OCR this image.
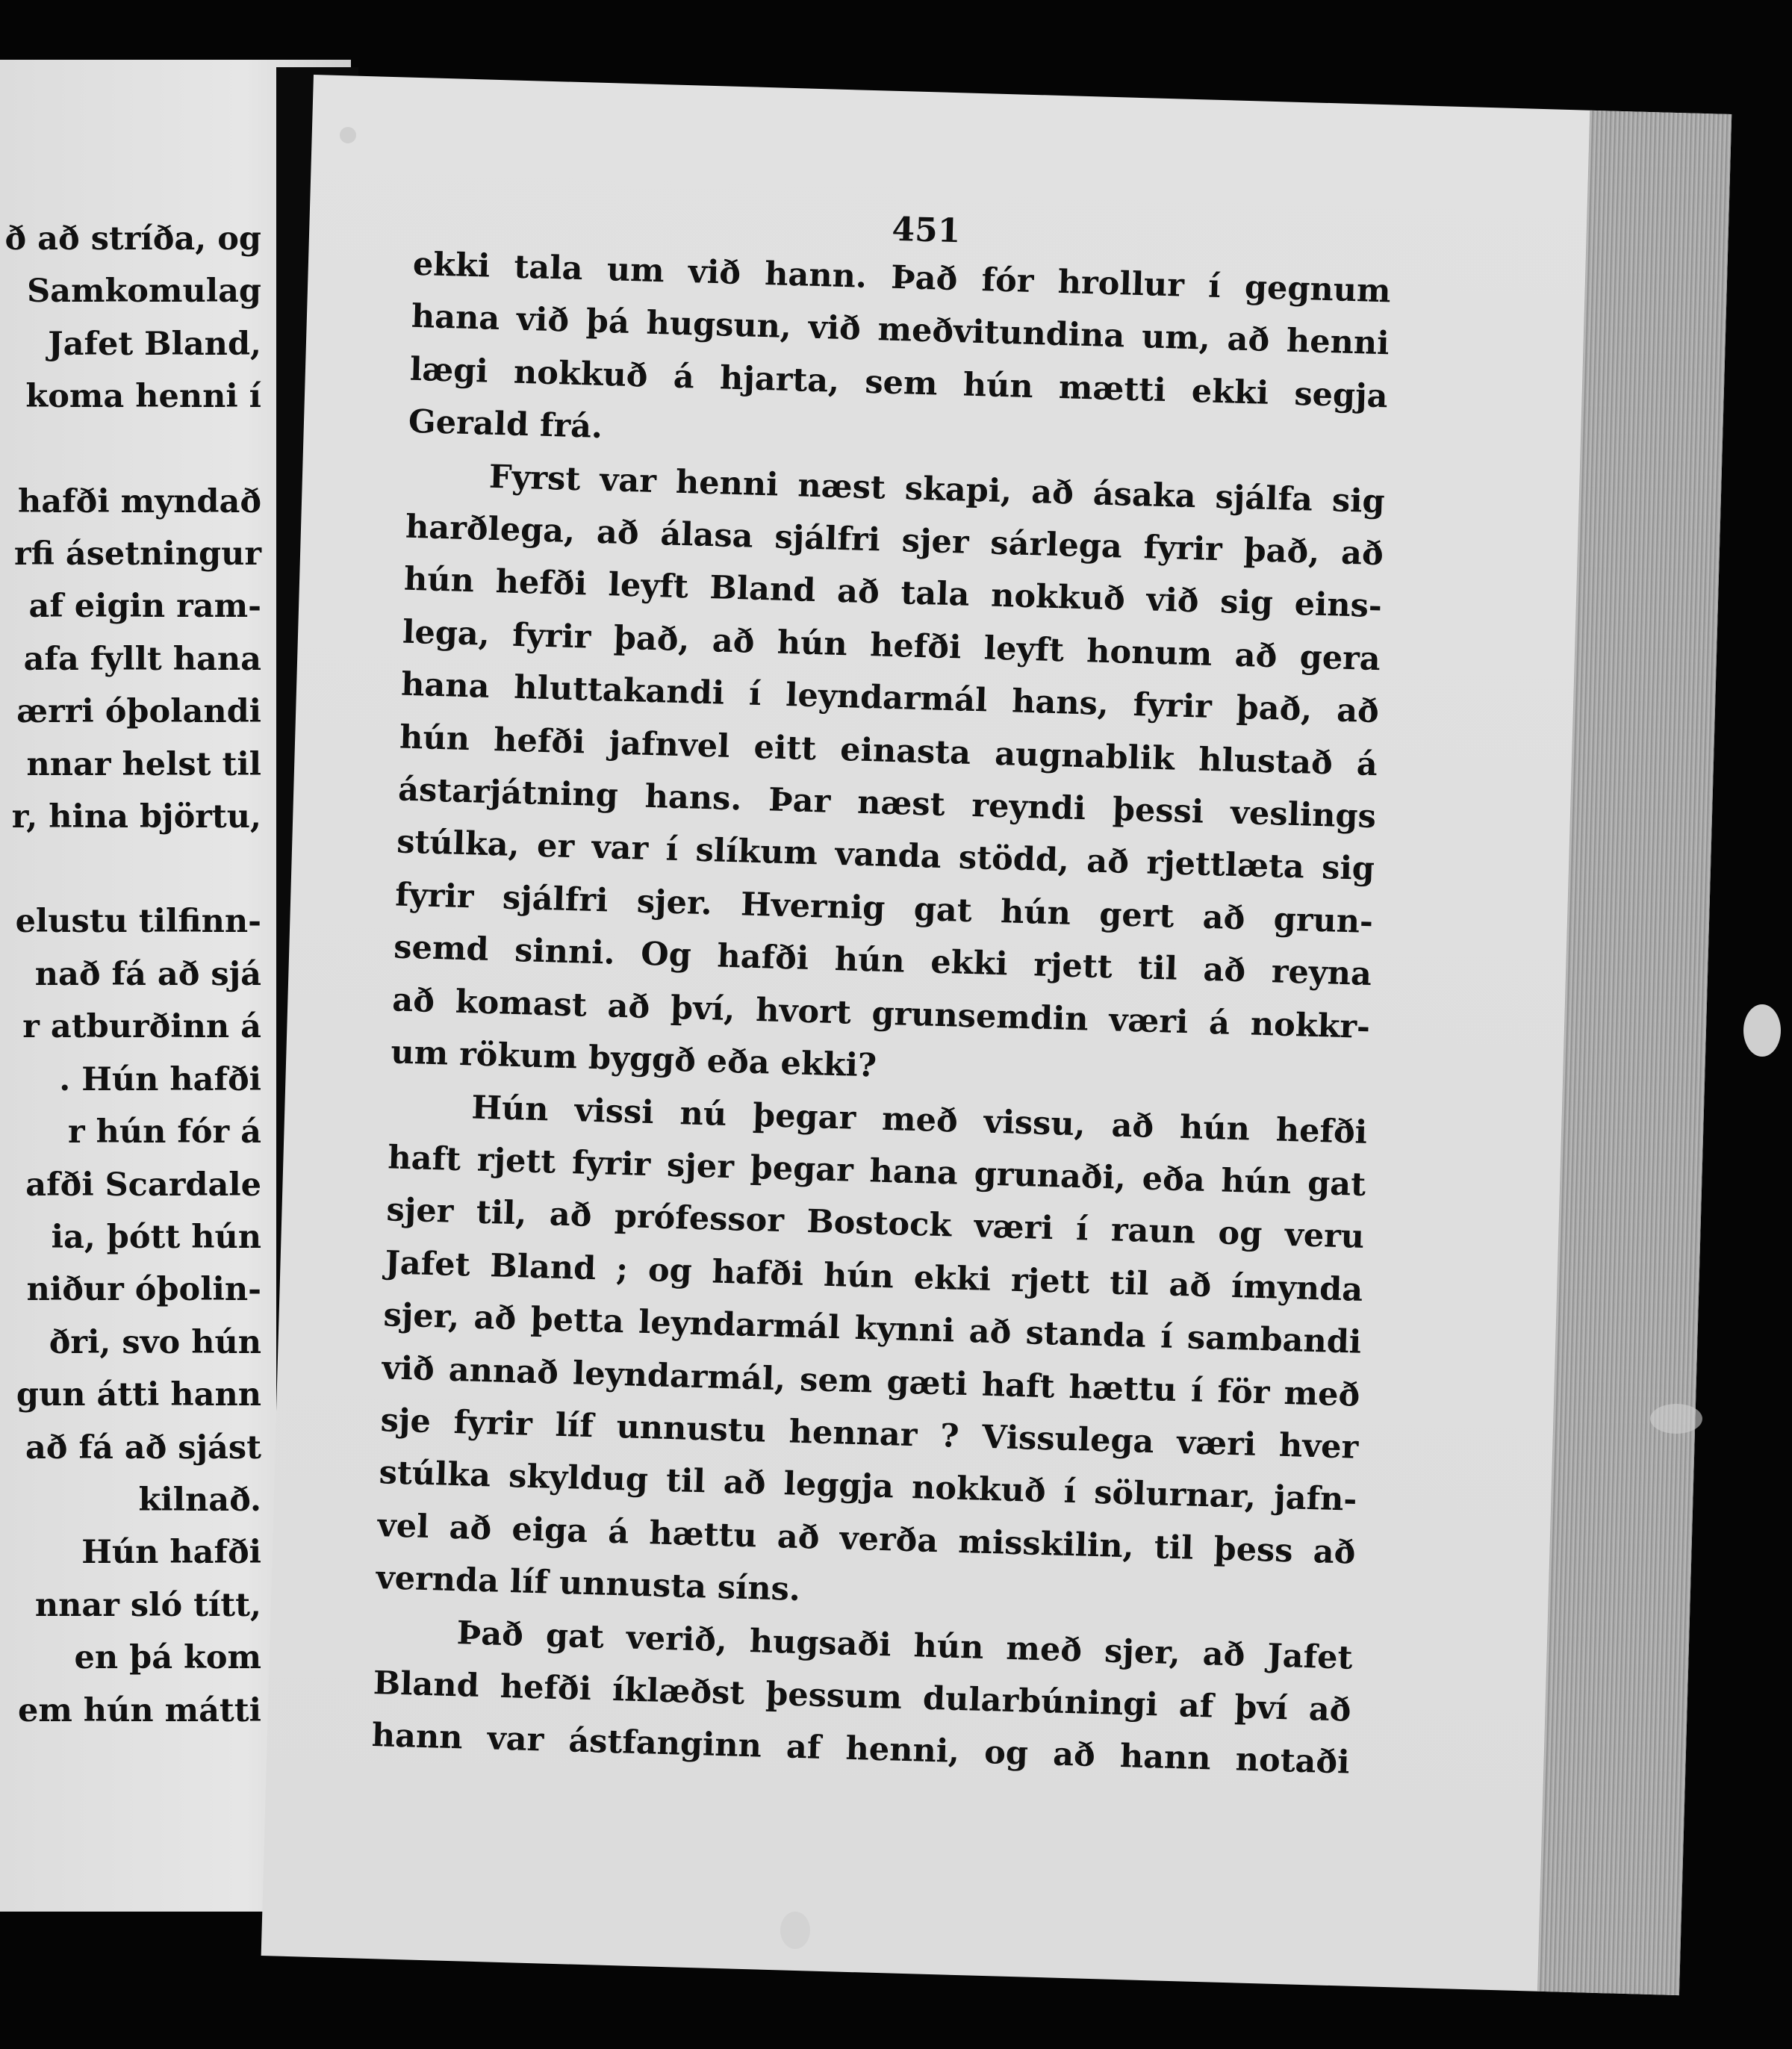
ð að stríða, og
Samkomulag
Jafet Bland,
koma henni í
hafði myndað
rfi ásetningur
af eigin ram-
afa fyllt hana
ærri óþolandi
nnar helst til
r, hina björtu,
elustu tilfinn-
nað fá að sjá
r atburðinn á
. Hún hafði
r hún fór á
afði Scardale
ia, þótt hún
niður óþolin-
ðri, svo hún
gun átti hann
að fá að sjást
kilnað.
Hún hafði
nnar sló títt,
en þá kom
em hún mátti
451
ekki tala um við hann. Það fór hrollur í gegnum
hana við þá hugsun, við meðvitundina um, að henni
lægi nokkuð á hjarta, sem hún mætti ekki segja
Gerald frá.
Fyrst var henni næst skapi, að ásaka sjálfa sig
harðlega, að álasa sjálfri sjer sárlega fyrir það, að
hún hefði leyft Bland að tala nokkuð við sig eins-
lega, fyrir það, að hún hefði leyft honum að gera
hana hluttakandi í leyndarmál hans, fyrir það, að
hún hefði jafnvel eitt einasta augnablik hlustað á
ástarjátning hans. Þar næst reyndi þessi veslings
stúlka, er var í slíkum vanda stödd, að rjettlæta sig
fyrir sjálfri sjer. Hvernig gat hún gert að grun-
semd sinni. Og hafði hún ekki rjett til að reyna
að komast að því, hvort grunsemdin væri á nokkr-
um rökum byggð eða ekki?
Hún vissi nú þegar með vissu, að hún hefði
haft rjett fyrir sjer þegar hana grunaði, eða hún gat
sjer til, að prófessor Bostock væri í raun og veru
Jafet Bland ; og hafði hún ekki rjett til að ímynda
sjer, að þetta leyndarmál kynni að standa í sambandi
við annað leyndarmál, sem gæti haft hættu í för með
sje fyrir líf unnustu hennar ? Vissulega væri hver
stúlka skyldug til að leggja nokkuð í sölurnar, jafn-
vel að eiga á hættu að verða misskilin, til þess að
vernda líf unnusta síns.
Það gat verið, hugsaði hún með sjer, að Jafet
Bland hefði íklæðst þessum dularbúningi af því að
hann var ástfanginn af henni, og að hann notaði
